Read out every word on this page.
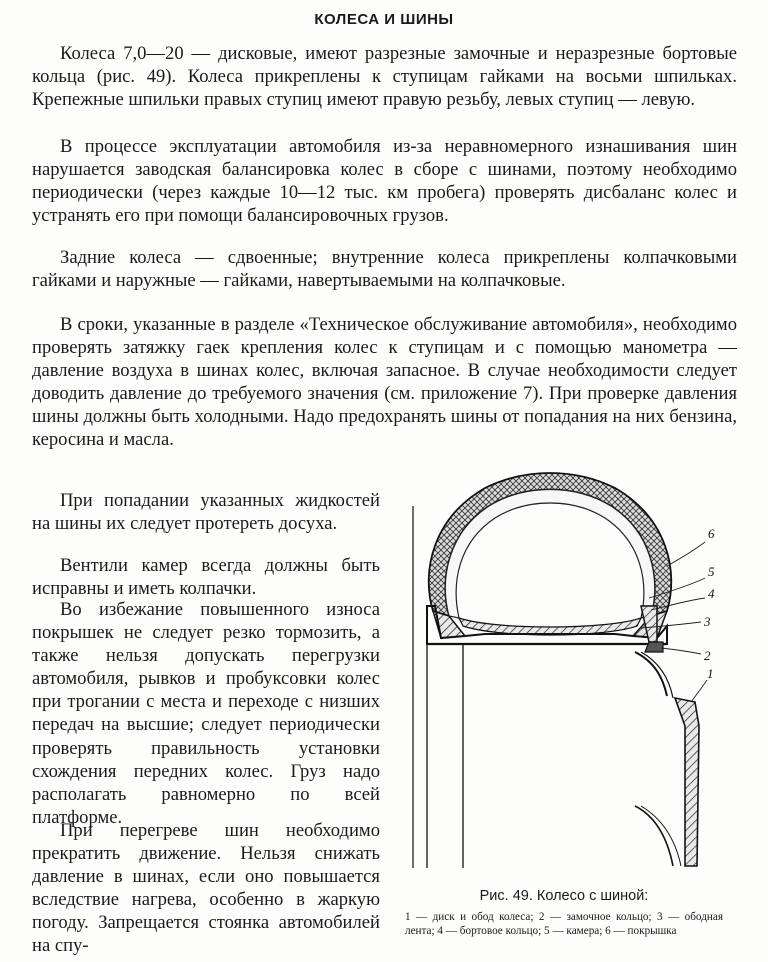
КОЛЕСА И ШИНЫ

Колеса 7,0—20 — дисковые, имеют разрезные замочные и неразрезные бортовые кольца (рис. 49). Колеса прикреплены к ступицам гайками на восьми шпильках. Крепежные шпильки правых ступиц имеют правую резьбу, левых ступиц — левую.

В процессе эксплуатации автомобиля из-за неравномерного изнашивания шин нарушается заводская балансировка колес в сборе с шинами, поэтому необходимо периодически (через каждые 10—12 тыс. км пробега) проверять дисбаланс колес и устранять его при помощи балансировочных грузов.

Задние колеса — сдвоенные; внутренние колеса прикреплены колпачковыми гайками и наружные — гайками, навертываемыми на колпачковые.

В сроки, указанные в разделе «Техническое обслуживание автомобиля», необходимо проверять затяжку гаек крепления колес к ступицам и с помощью манометра — давление воздуха в шинах колес, включая запасное. В случае необходимости следует доводить давление до требуемого значения (см. приложение 7). При проверке давления шины должны быть холодными. Надо предохранять шины от попадания на них бензина, керосина и масла.

При попадании указанных жидкостей на шины их следует протереть досуха.

Вентили камер всегда должны быть исправны и иметь колпачки.

Во избежание повышенного износа покрышек не следует резко тормозить, а также нельзя допускать перегрузки автомобиля, рывков и пробуксовки колес при трогании с места и переходе с низших передач на высшие; следует периодически проверять правильность установки схождения передних колес. Груз надо располагать равномерно по всей платформе.

При перегреве шин необходимо прекратить движение. Нельзя снижать давление в шинах, если оно повышается вследствие нагрева, особенно в жаркую погоду. Запрещается стоянка автомобилей на спу-

6
5
4
3
2
1
Рис. 49. Колесо с шиной:
1 — диск и обод колеса; 2 — замочное кольцо; 3 — ободная лента; 4 — бортовое кольцо; 5 — камера; 6 — покрышка
